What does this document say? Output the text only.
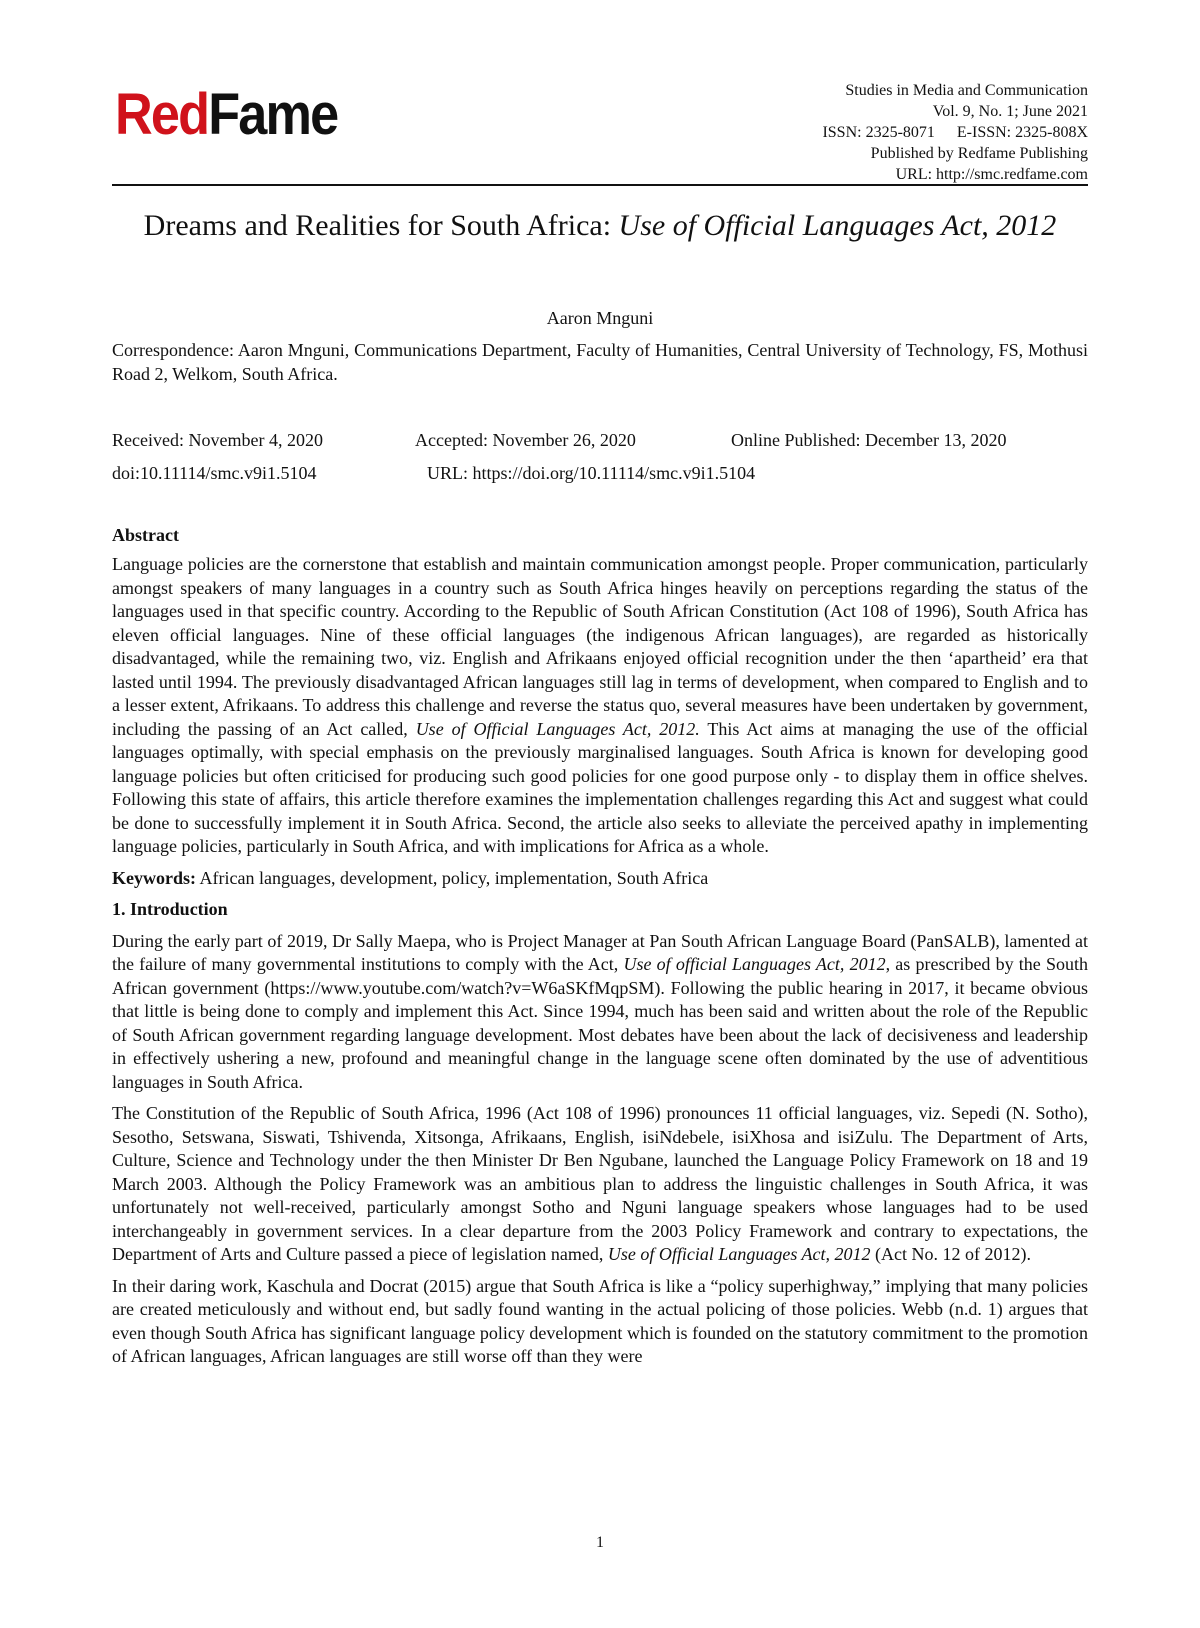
RedFame	Studies in Media and Communication
Vol. 9, No. 1; June 2021
ISSN: 2325-8071 E-ISSN: 2325-808X
Published by Redfame Publishing
URL: http://smc.redfame.com
Dreams and Realities for South Africa: Use of Official Languages Act, 2012
Aaron Mnguni
Correspondence: Aaron Mnguni, Communications Department, Faculty of Humanities, Central University of Technology, FS, Mothusi Road 2, Welkom, South Africa.
Received: November 4, 2020	Accepted: November 26, 2020	Online Published: December 13, 2020
doi:10.11114/smc.v9i1.5104	URL: https://doi.org/10.11114/smc.v9i1.5104
Abstract

Language policies are the cornerstone that establish and maintain communication amongst people. Proper communication, particularly amongst speakers of many languages in a country such as South Africa hinges heavily on perceptions regarding the status of the languages used in that specific country. According to the Republic of South African Constitution (Act 108 of 1996), South Africa has eleven official languages. Nine of these official languages (the indigenous African languages), are regarded as historically disadvantaged, while the remaining two, viz. English and Afrikaans enjoyed official recognition under the then ‘apartheid’ era that lasted until 1994. The previously disadvantaged African languages still lag in terms of development, when compared to English and to a lesser extent, Afrikaans. To address this challenge and reverse the status quo, several measures have been undertaken by government, including the passing of an Act called, Use of Official Languages Act, 2012. This Act aims at managing the use of the official languages optimally, with special emphasis on the previously marginalised languages. South Africa is known for developing good language policies but often criticised for producing such good policies for one good purpose only - to display them in office shelves. Following this state of affairs, this article therefore examines the implementation challenges regarding this Act and suggest what could be done to successfully implement it in South Africa. Second, the article also seeks to alleviate the perceived apathy in implementing language policies, particularly in South Africa, and with implications for Africa as a whole.

Keywords: African languages, development, policy, implementation, South Africa

1. Introduction

During the early part of 2019, Dr Sally Maepa, who is Project Manager at Pan South African Language Board (PanSALB), lamented at the failure of many governmental institutions to comply with the Act, Use of official Languages Act, 2012, as prescribed by the South African government (https://www.youtube.com/watch?v=W6aSKfMqpSM). Following the public hearing in 2017, it became obvious that little is being done to comply and implement this Act. Since 1994, much has been said and written about the role of the Republic of South African government regarding language development. Most debates have been about the lack of decisiveness and leadership in effectively ushering a new, profound and meaningful change in the language scene often dominated by the use of adventitious languages in South Africa.

The Constitution of the Republic of South Africa, 1996 (Act 108 of 1996) pronounces 11 official languages, viz. Sepedi (N. Sotho), Sesotho, Setswana, Siswati, Tshivenda, Xitsonga, Afrikaans, English, isiNdebele, isiXhosa and isiZulu. The Department of Arts, Culture, Science and Technology under the then Minister Dr Ben Ngubane, launched the Language Policy Framework on 18 and 19 March 2003. Although the Policy Framework was an ambitious plan to address the linguistic challenges in South Africa, it was unfortunately not well-received, particularly amongst Sotho and Nguni language speakers whose languages had to be used interchangeably in government services. In a clear departure from the 2003 Policy Framework and contrary to expectations, the Department of Arts and Culture passed a piece of legislation named, Use of Official Languages Act, 2012 (Act No. 12 of 2012).

In their daring work, Kaschula and Docrat (2015) argue that South Africa is like a “policy superhighway,” implying that many policies are created meticulously and without end, but sadly found wanting in the actual policing of those policies. Webb (n.d. 1) argues that even though South Africa has significant language policy development which is founded on the statutory commitment to the promotion of African languages, African languages are still worse off than they were

1
